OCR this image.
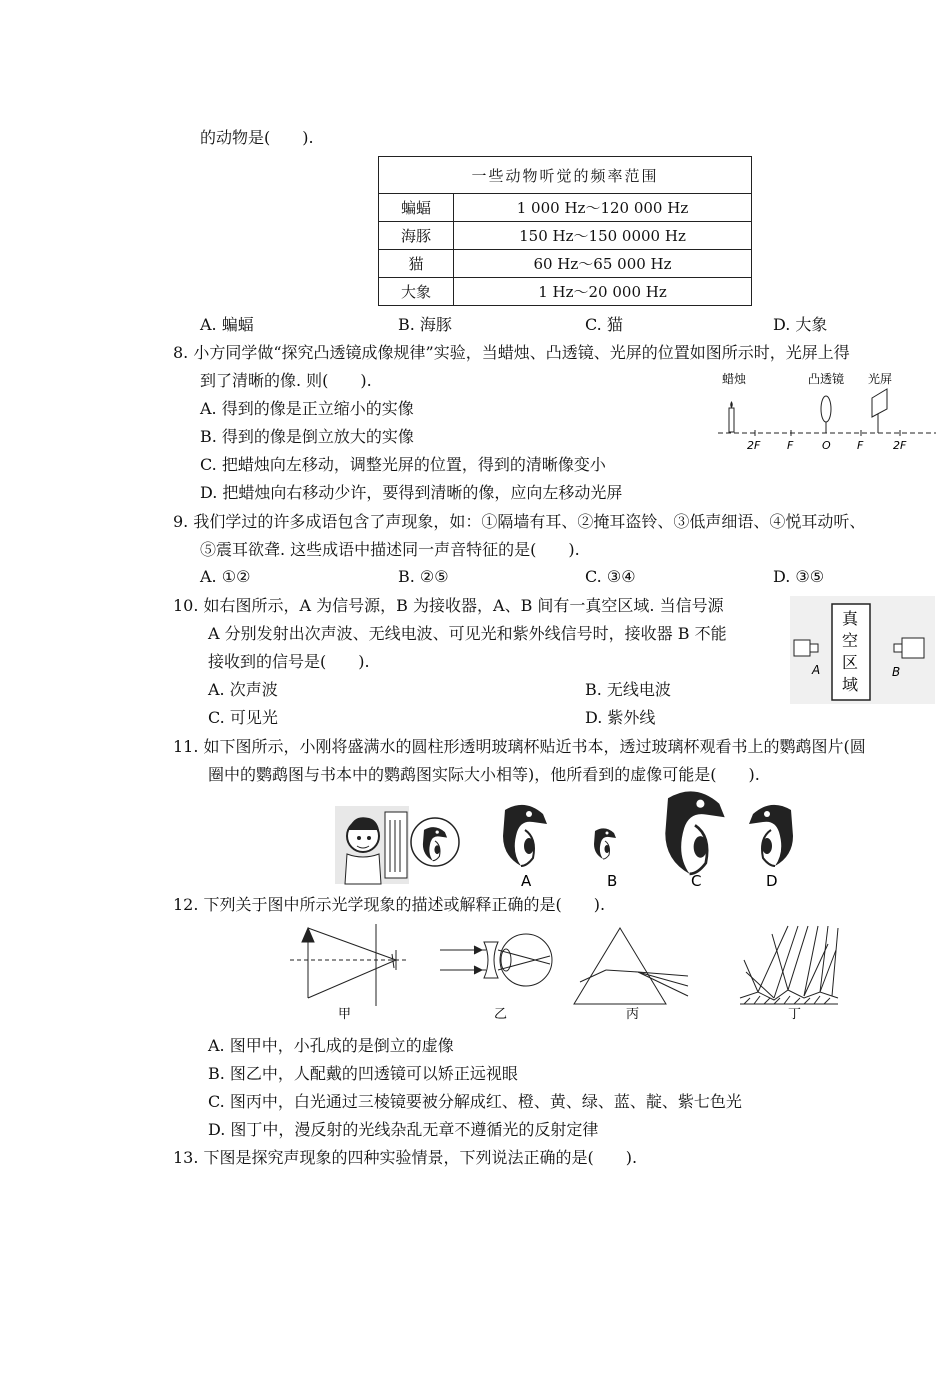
的动物是(　　).
一些动物听觉的频率范围	
蝙蝠	1 000 Hz～120 000 Hz
海豚	150 Hz～150 0000 Hz
猫	60 Hz～65 000 Hz
大象	1 Hz～20 000 Hz
A. 蝙蝠	B. 海豚	C. 猫	D. 大象
8. 小方同学做“探究凸透镜成像规律”实验，当蜡烛、凸透镜、光屏的位置如图所示时，光屏上得
到了清晰的像. 则(　　).
A. 得到的像是正立缩小的实像
B. 得到的像是倒立放大的实像
C. 把蜡烛向左移动，调整光屏的位置，得到的清晰像变小
D. 把蜡烛向右移动少许，要得到清晰的像，应向左移动光屏
蜡烛	凸透镜 光屏
2F F	O F	2F
9. 我们学过的许多成语包含了声现象，如：①隔墙有耳、②掩耳盗铃、③低声细语、④悦耳动听、
⑤震耳欲聋. 这些成语中描述同一声音特征的是(　　).
A. ①②	B. ②⑤	C. ③④	D. ③⑤
10. 如右图所示，A 为信号源，B 为接收器，A、B 间有一真空区域. 当信号源
A 分别发射出次声波、无线电波、可见光和紫外线信号时，接收器 B 不能
接收到的信号是(　　).
A. 次声波	B. 无线电波
C. 可见光	D. 紫外线
真
空
区
域
A	B
11. 如下图所示，小刚将盛满水的圆柱形透明玻璃杯贴近书本，透过玻璃杯观看书上的鹦鹉图片(圆
圈中的鹦鹉图与书本中的鹦鹉图实际大小相等)，他所看到的虚像可能是(　　).
A	B	C	D
12. 下列关于图中所示光学现象的描述或解释正确的是(　　).
甲	乙	丙	丁
A. 图甲中，小孔成的是倒立的虚像
B. 图乙中，人配戴的凹透镜可以矫正远视眼
C. 图丙中，白光通过三棱镜要被分解成红、橙、黄、绿、蓝、靛、紫七色光
D. 图丁中，漫反射的光线杂乱无章不遵循光的反射定律
13. 下图是探究声现象的四种实验情景，下列说法正确的是(　　).
